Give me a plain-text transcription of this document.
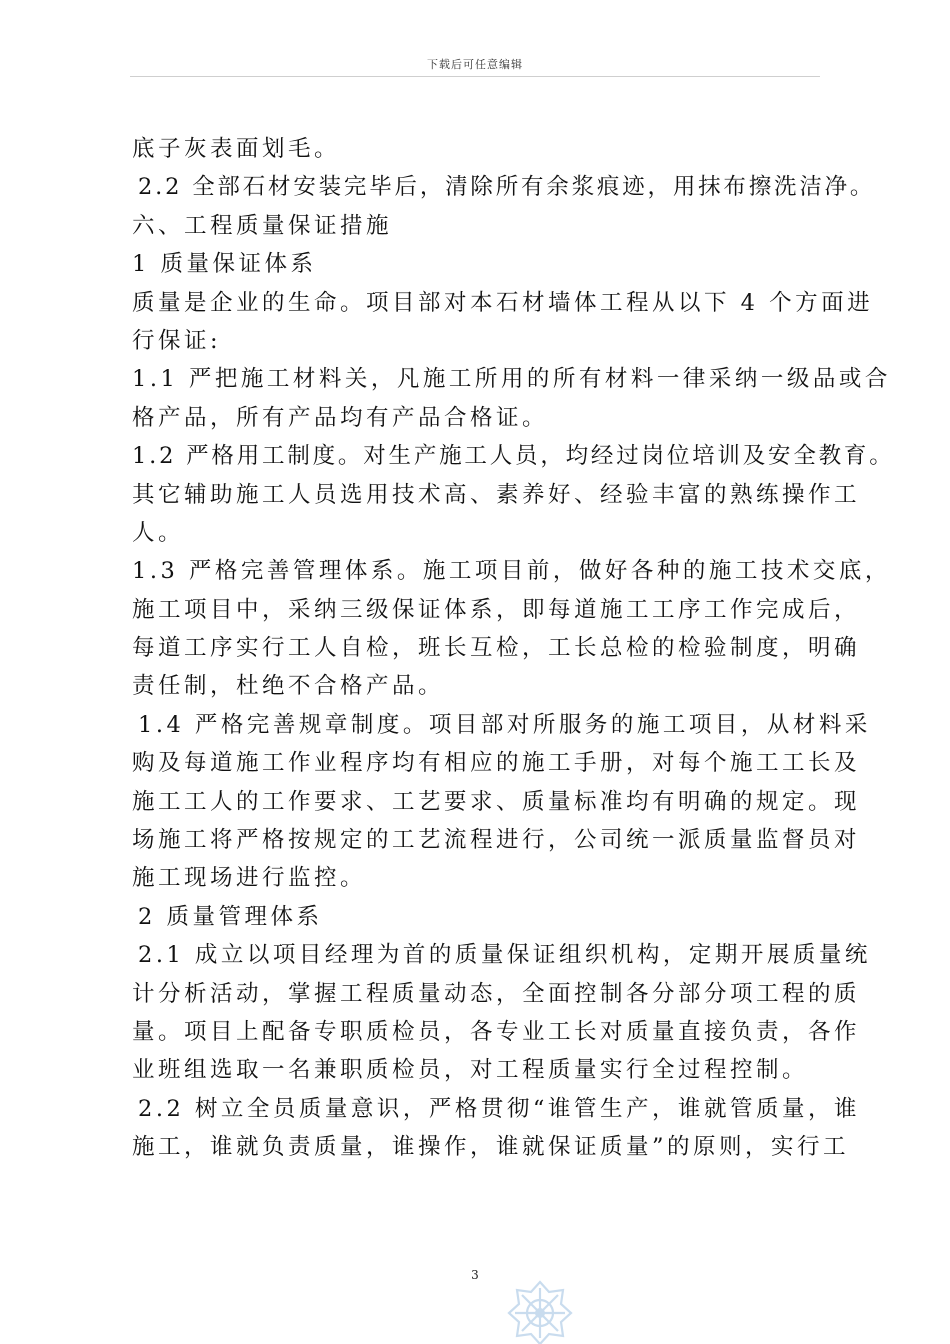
下载后可任意编辑
底子灰表面划毛。
2.2 全部石材安装完毕后，清除所有余浆痕迹，用抹布擦洗洁净。
六、工程质量保证措施
1 质量保证体系
质量是企业的生命。项目部对本石材墙体工程从以下 4 个方面进
行保证:
1.1 严把施工材料关，凡施工所用的所有材料一律采纳一级品或合
格产品，所有产品均有产品合格证。
1.2 严格用工制度。对生产施工人员，均经过岗位培训及安全教育。
其它辅助施工人员选用技术高、素养好、经验丰富的熟练操作工
人。
1.3 严格完善管理体系。施工项目前，做好各种的施工技术交底，
施工项目中，采纳三级保证体系，即每道施工工序工作完成后，
每道工序实行工人自检，班长互检，工长总检的检验制度，明确
责任制，杜绝不合格产品。
1.4 严格完善规章制度。项目部对所服务的施工项目，从材料采
购及每道施工作业程序均有相应的施工手册，对每个施工工长及
施工工人的工作要求、工艺要求、质量标准均有明确的规定。现
场施工将严格按规定的工艺流程进行，公司统一派质量监督员对
施工现场进行监控。
2 质量管理体系
2.1 成立以项目经理为首的质量保证组织机构，定期开展质量统
计分析活动，掌握工程质量动态，全面控制各分部分项工程的质
量。项目上配备专职质检员，各专业工长对质量直接负责，各作
业班组选取一名兼职质检员，对工程质量实行全过程控制。
2.2 树立全员质量意识，严格贯彻“谁管生产，谁就管质量，谁
施工，谁就负责质量，谁操作，谁就保证质量”的原则，实行工
3
